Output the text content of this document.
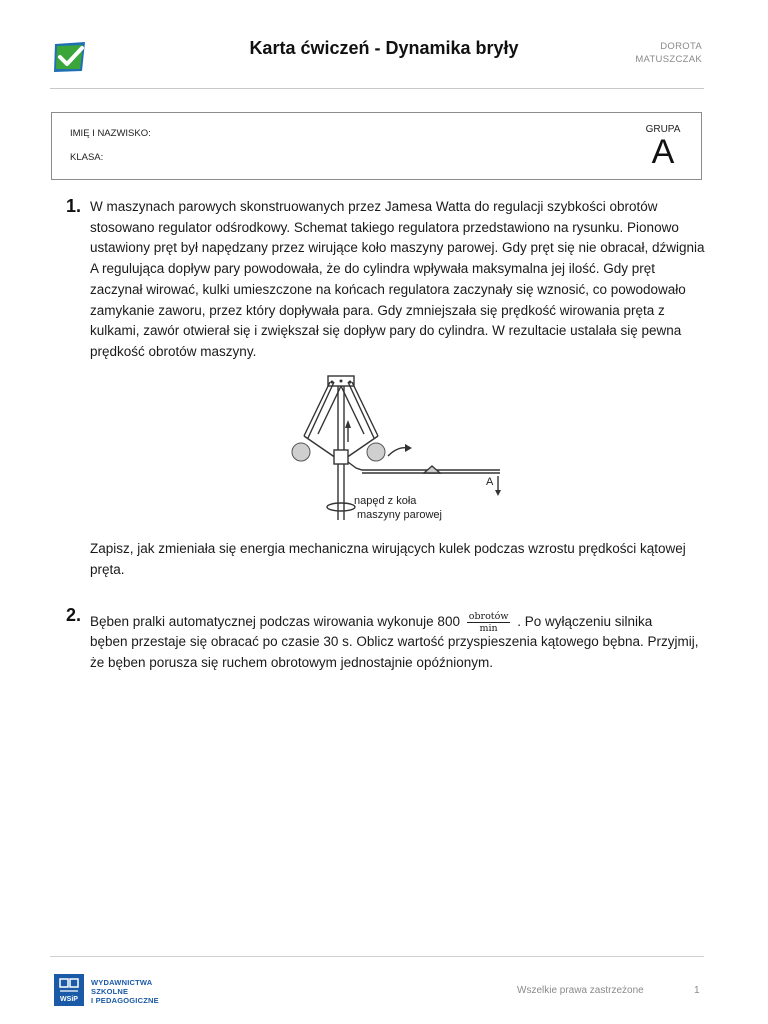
Karta ćwiczeń - Dynamika bryły	DOROTA
MATUSZCZAK
IMIĘ I NAZWISKO:
KLASA:
GRUPA
A
1. W maszynach parowych skonstruowanych przez Jamesa Watta do regulacji szybkości obrotów stosowano regulator odśrodkowy. Schemat takiego regulatora przedstawiono na rysunku. Pionowo ustawiony pręt był napędzany przez wirujące koło maszyny parowej. Gdy pręt się nie obracał, dźwignia A regulująca dopływ pary powodowała, że do cylindra wpływała maksymalna jej ilość. Gdy pręt zaczynał wirować, kulki umieszczone na końcach regulatora zaczynały się wznosić, co powodowało zamykanie zaworu, przez który dopływała para. Gdy zmniejszała się prędkość wirowania pręta z kulkami, zawór otwierał się i zwiększał się dopływ pary do cylindra. W rezultacie ustalała się pewna prędkość obrotów maszyny.
A
napęd z koła
maszyny parowej
Zapisz, jak zmieniała się energia mechaniczna wirujących kulek podczas wzrostu prędkości kątowej pręta.
2. Bęben pralki automatycznej podczas wirowania wykonuje $800 \frac{\text{obrotów}}{\min}$ . Po wyłączeniu silnika
bęben przestaje się obracać po czasie 30 s. Oblicz wartość przyspieszenia kątowego bębna. Przyjmij, że bęben porusza się ruchem obrotowym jednostajnie opóźnionym.
WSiP
WYDAWNICTWA
SZKOLNE
I PEDAGOGICZNE
Wszelkie prawa zastrzeżone	1
